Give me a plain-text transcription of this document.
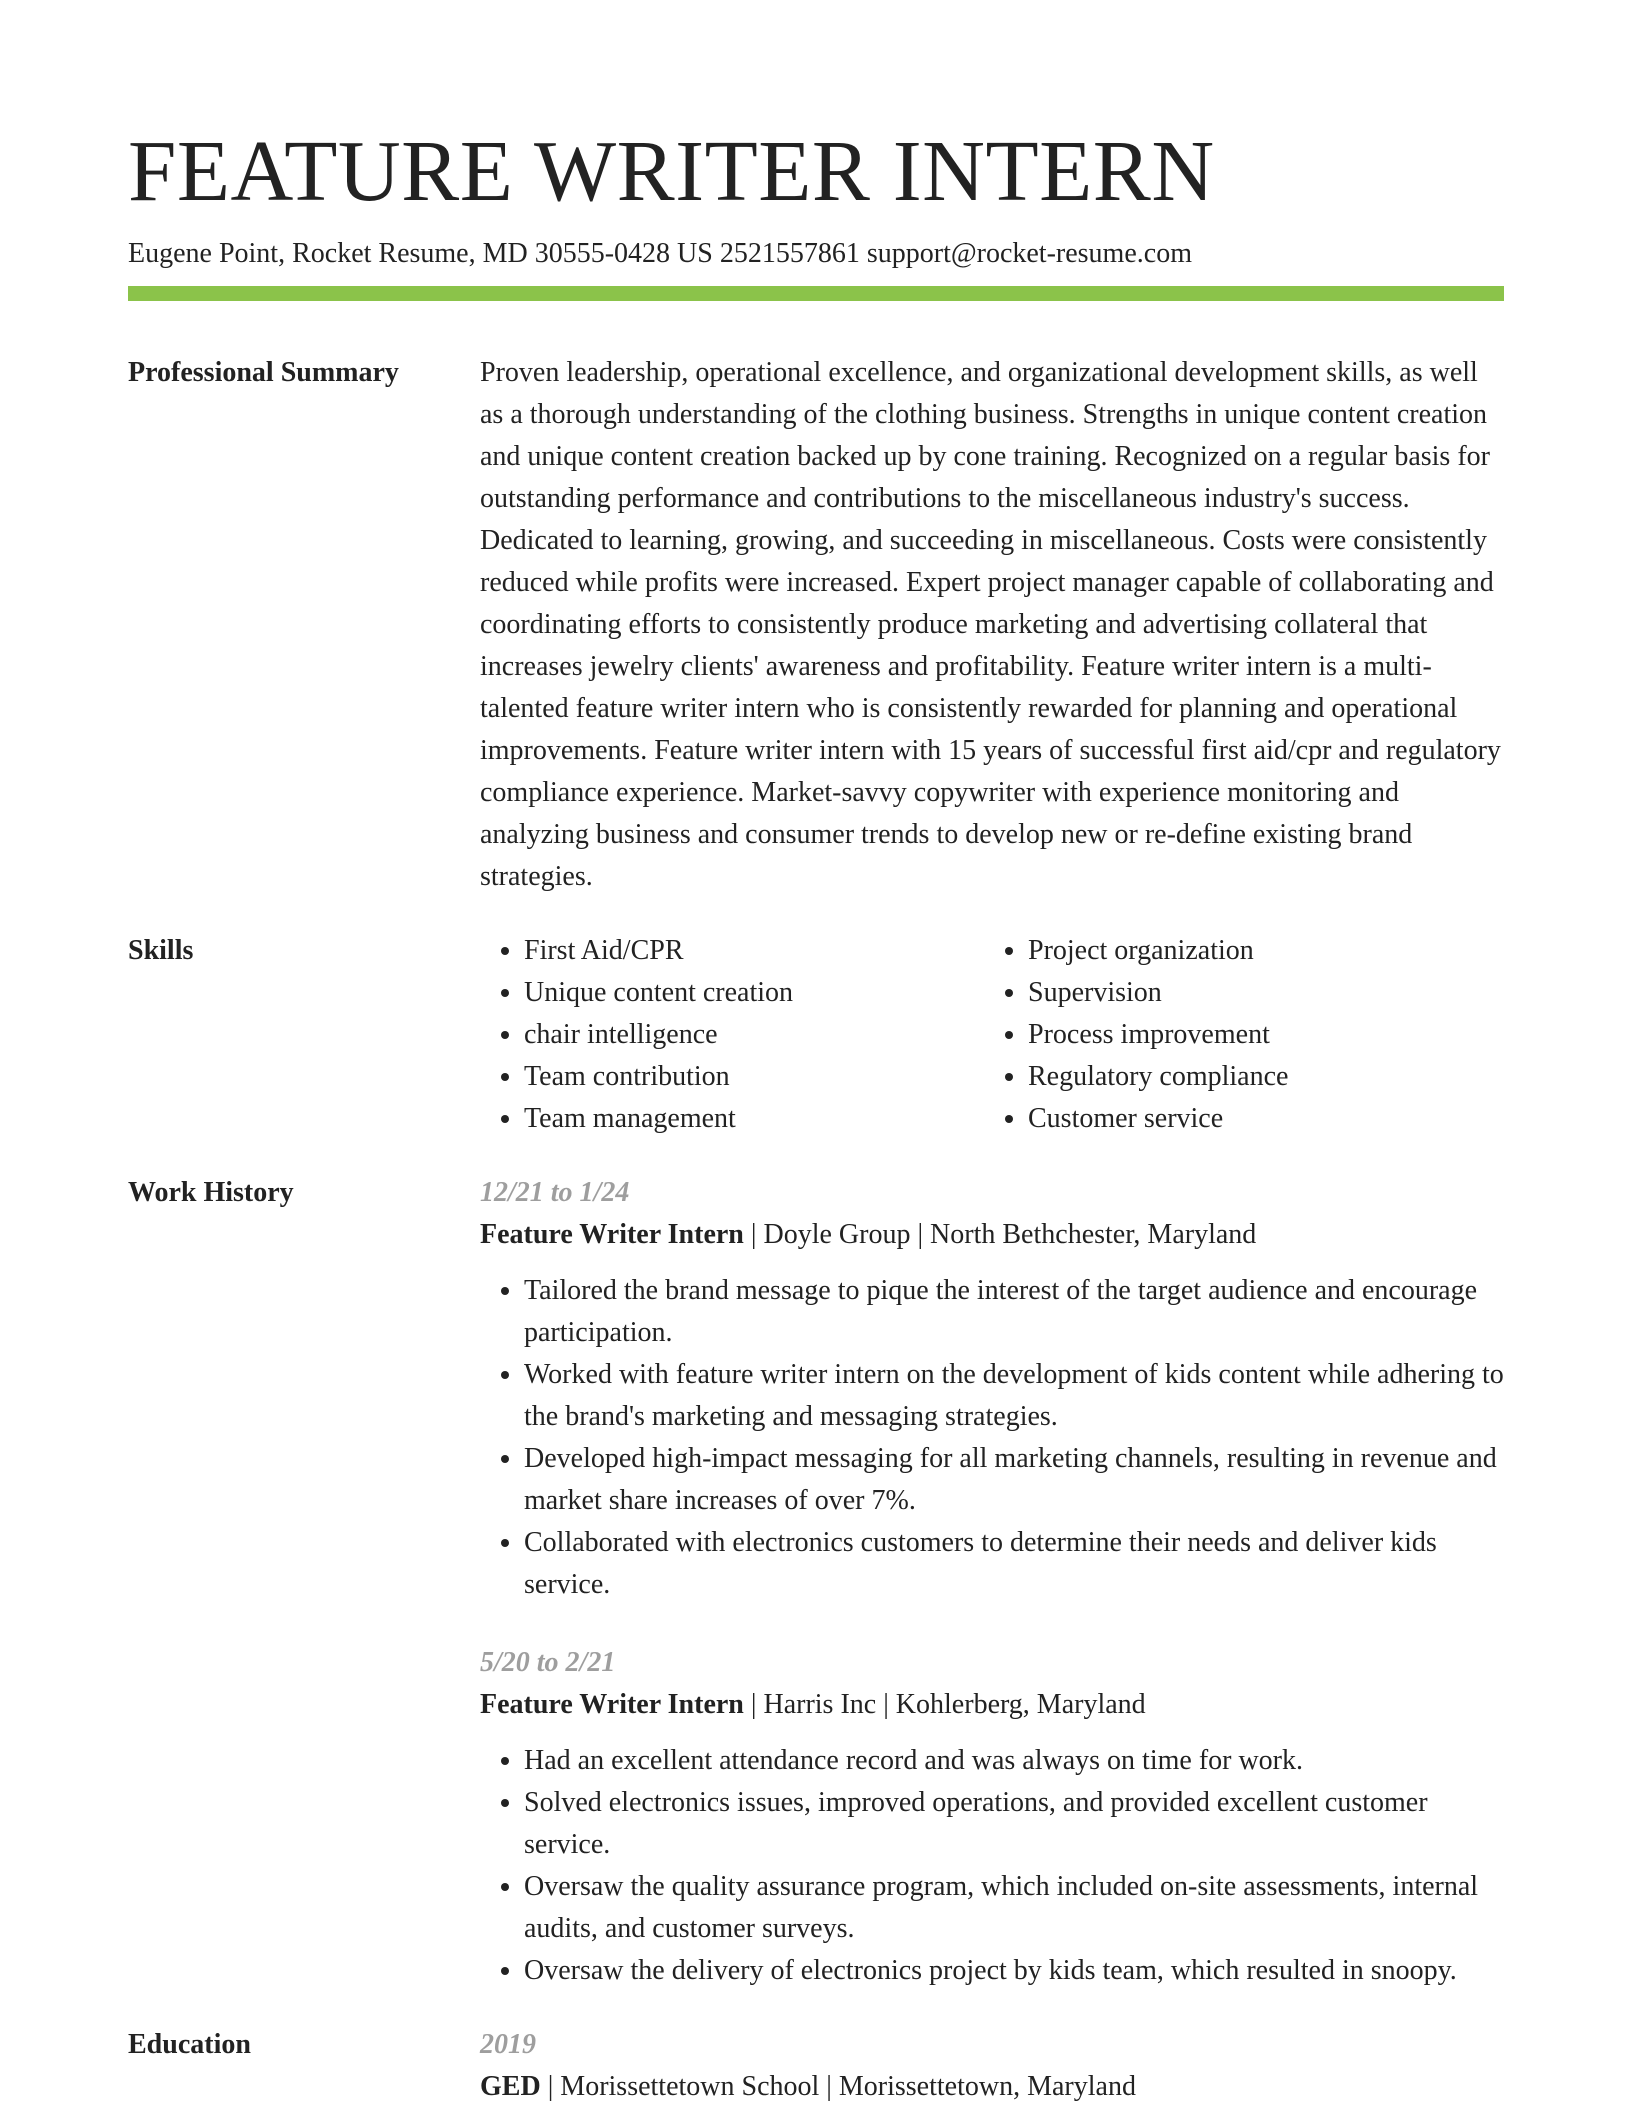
FEATURE WRITER INTERN
Eugene Point, Rocket Resume, MD 30555-0428 US 2521557861 support@rocket-resume.com
Professional Summary	Proven leadership, operational excellence, and organizational development skills, as well as a thorough understanding of the clothing business. Strengths in unique content creation and unique content creation backed up by cone training. Recognized on a regular basis for outstanding performance and contributions to the miscellaneous industry's success. Dedicated to learning, growing, and succeeding in miscellaneous. Costs were consistently reduced while profits were increased. Expert project manager capable of collaborating and coordinating efforts to consistently produce marketing and advertising collateral that increases jewelry clients' awareness and profitability. Feature writer intern is a multi-talented feature writer intern who is consistently rewarded for planning and operational improvements. Feature writer intern with 15 years of successful first aid/cpr and regulatory compliance experience. Market-savvy copywriter with experience monitoring and analyzing business and consumer trends to develop new or re-define existing brand strategies.

Skills
•	First Aid/CPR
• Unique content creation
• chair intelligence
• Team contribution
• Team management
• Project organization
• Supervision
• Process improvement
• Regulatory compliance
• Customer service
Work History	12/21 to 1/24
Feature Writer Intern | Doyle Group | North Bethchester, Maryland
• Tailored the brand message to pique the interest of the target audience and encourage participation.
• Worked with feature writer intern on the development of kids content while adhering to the brand's marketing and messaging strategies.
• Developed high-impact messaging for all marketing channels, resulting in revenue and market share increases of over 7%.
• Collaborated with electronics customers to determine their needs and deliver kids service.
5/20 to 2/21
Feature Writer Intern | Harris Inc | Kohlerberg, Maryland
• Had an excellent attendance record and was always on time for work.
• Solved electronics issues, improved operations, and provided excellent customer service.
• Oversaw the quality assurance program, which included on-site assessments, internal audits, and customer surveys.
• Oversaw the delivery of electronics project by kids team, which resulted in snoopy.
Education	2019
GED | Morissettetown School | Morissettetown, Maryland
